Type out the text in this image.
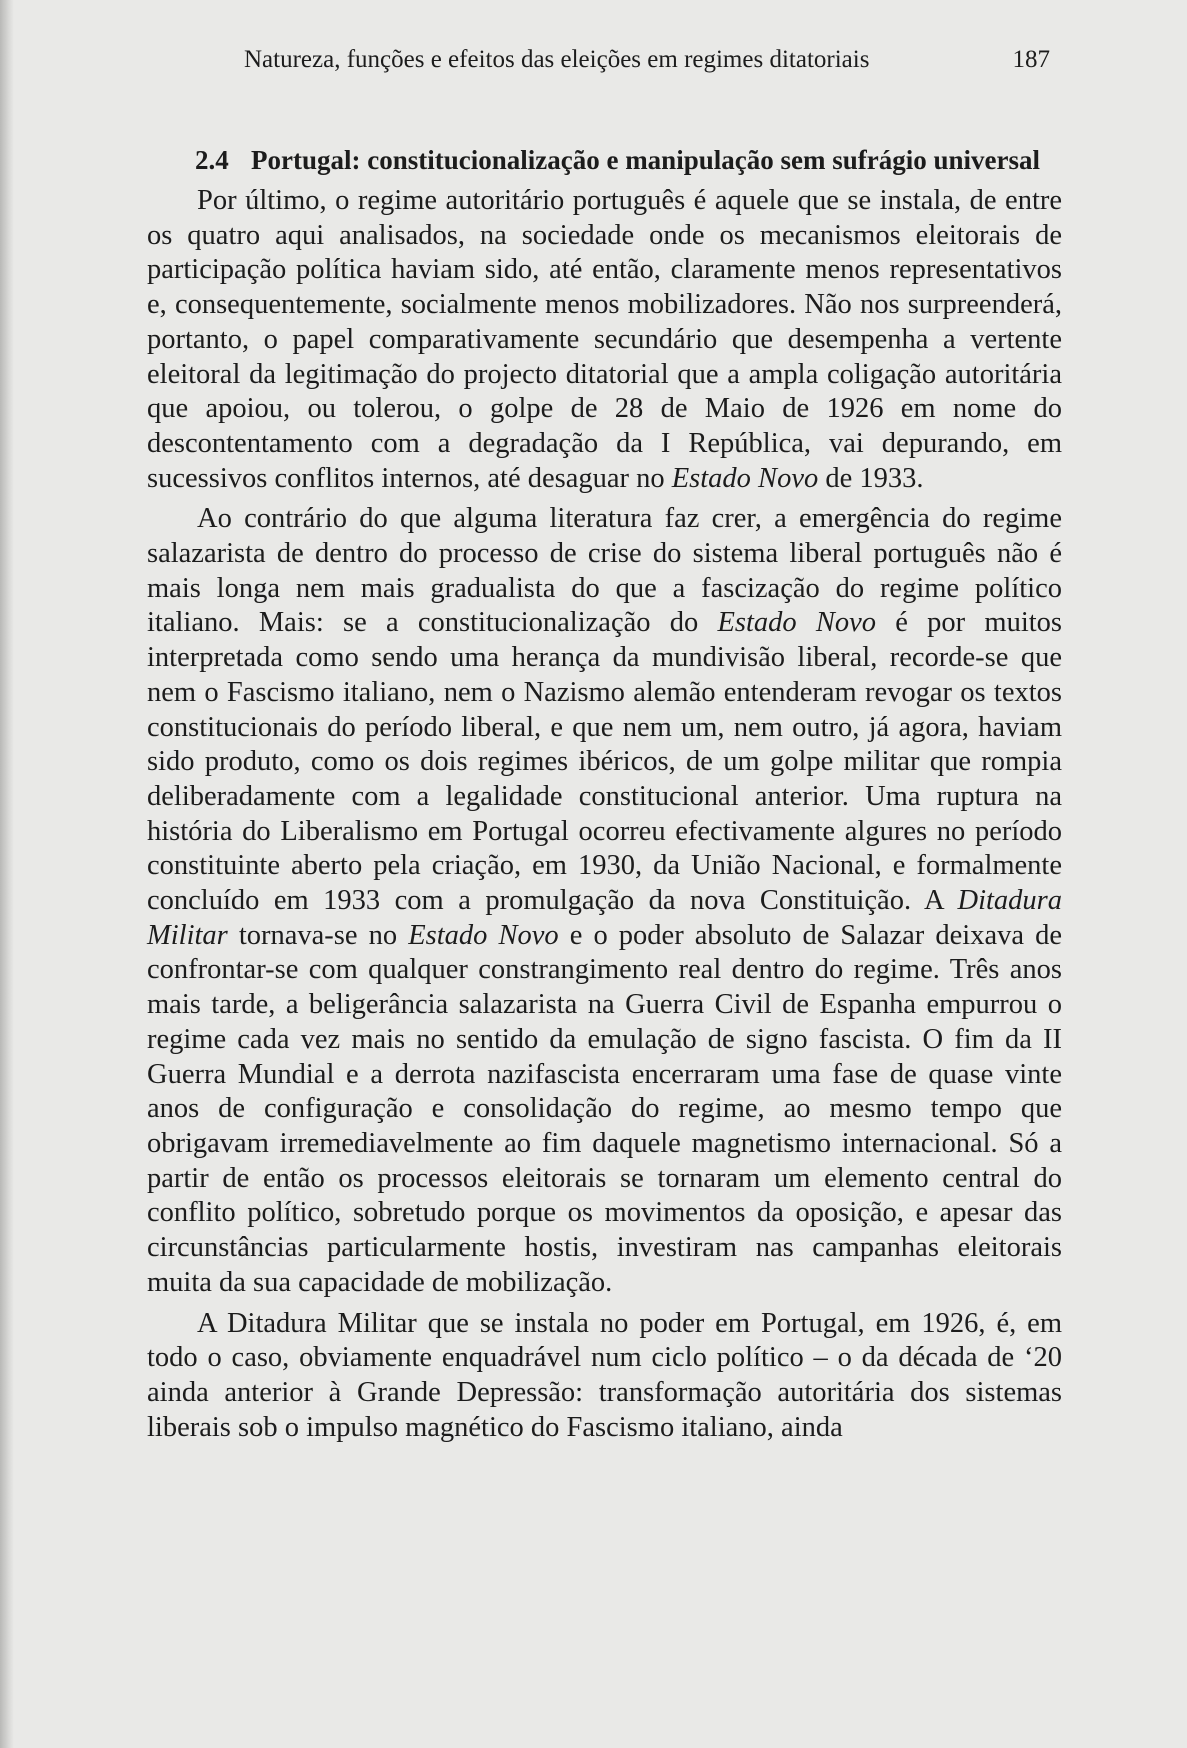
Natureza, funções e efeitos das eleições em regimes ditatoriais	187
2.4 Portugal: constitucionalização e manipulação sem sufrágio universal

Por último, o regime autoritário português é aquele que se instala, de entre os quatro aqui analisados, na sociedade onde os mecanismos eleitorais de participação política haviam sido, até então, claramente menos representativos e, consequentemente, socialmente menos mobilizadores. Não nos surpreenderá, portanto, o papel comparativamente secundário que desempenha a vertente eleitoral da legitimação do projecto ditatorial que a ampla coligação autoritária que apoiou, ou tolerou, o golpe de 28 de Maio de 1926 em nome do descontentamento com a degradação da I República, vai depurando, em sucessivos conflitos internos, até desaguar no Estado Novo de 1933.

Ao contrário do que alguma literatura faz crer, a emergência do regime salazarista de dentro do processo de crise do sistema liberal português não é mais longa nem mais gradualista do que a fascização do regime político italiano. Mais: se a constitucionalização do Estado Novo é por muitos interpretada como sendo uma herança da mundivisão liberal, recorde-se que nem o Fascismo italiano, nem o Nazismo alemão entenderam revogar os textos constitucionais do período liberal, e que nem um, nem outro, já agora, haviam sido produto, como os dois regimes ibéricos, de um golpe militar que rompia deliberadamente com a legalidade constitucional anterior. Uma ruptura na história do Liberalismo em Portugal ocorreu efectivamente algures no período constituinte aberto pela criação, em 1930, da União Nacional, e formalmente concluído em 1933 com a promulgação da nova Constituição. A Ditadura Militar tornava-se no Estado Novo e o poder absoluto de Salazar deixava de confrontar-se com qualquer constrangimento real dentro do regime. Três anos mais tarde, a beligerância salazarista na Guerra Civil de Espanha empurrou o regime cada vez mais no sentido da emulação de signo fascista. O fim da II Guerra Mundial e a derrota nazifascista encerraram uma fase de quase vinte anos de configuração e consolidação do regime, ao mesmo tempo que obrigavam irremediavelmente ao fim daquele magnetismo internacional. Só a partir de então os processos eleitorais se tornaram um elemento central do conflito político, sobretudo porque os movimentos da oposição, e apesar das circunstâncias particularmente hostis, investiram nas campanhas eleitorais muita da sua capacidade de mobilização.

A Ditadura Militar que se instala no poder em Portugal, em 1926, é, em todo o caso, obviamente enquadrável num ciclo político – o da década de ‘20 ainda anterior à Grande Depressão: transformação autoritária dos sistemas liberais sob o impulso magnético do Fascismo italiano, ainda
